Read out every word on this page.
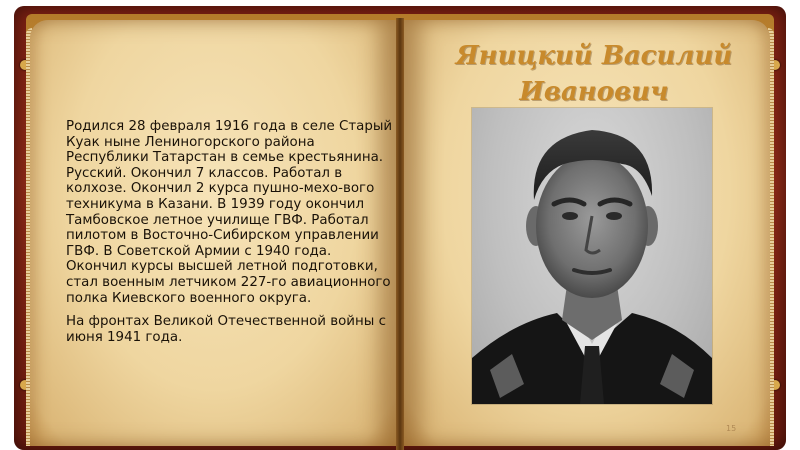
Яницкий Василий Иванович

Родился 28 февраля 1916 года в селе Старый Куак ныне Лениногорского района Республики Татарстан в семье крестьянина. Русский. Окончил 7 классов. Работал в колхозе. Окончил 2 курса пушно-мехо-вого техникума в Казани. В 1939 году окончил Тамбовское летное училище ГВФ. Работал пилотом в Восточно-Сибирском управлении ГВФ. В Советской Армии с 1940 года. Окончил курсы высшей летной подготовки, стал военным летчиком 227-го авиационного полка Киевского военного округа.

На фронтах Великой Отечественной войны с июня 1941 года.

15
